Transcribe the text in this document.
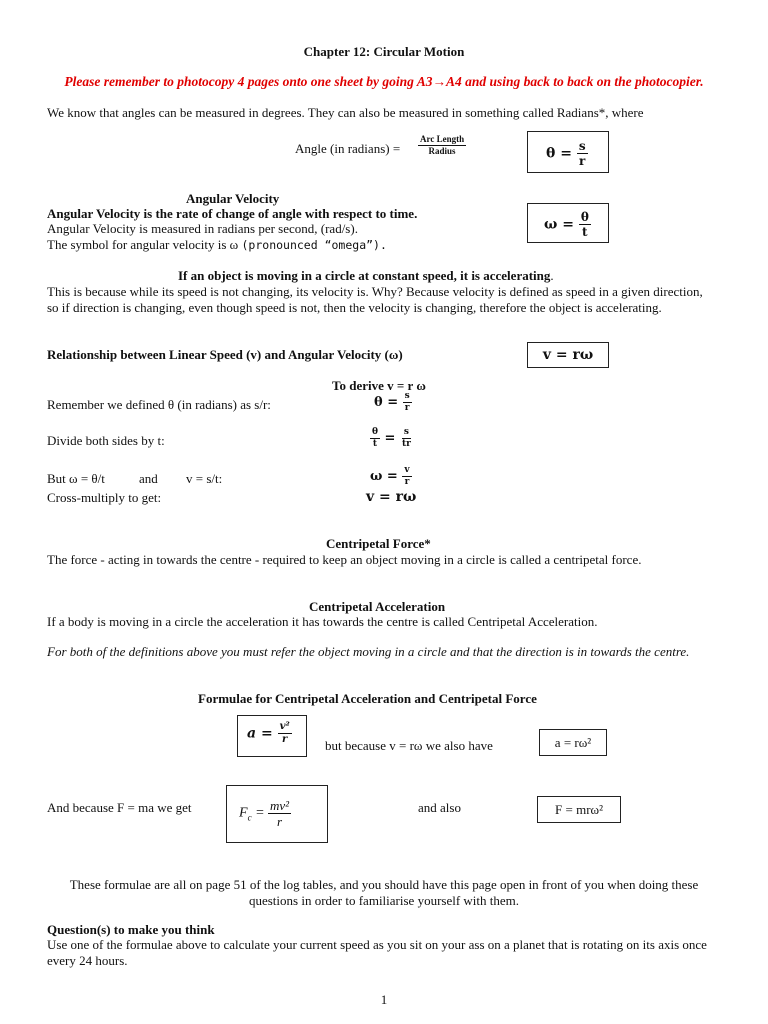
Chapter 12: Circular Motion
Please remember to photocopy 4 pages onto one sheet by going A3→A4 and using back to back on the photocopier.
We know that angles can be measured in degrees. They can also be measured in something called Radians*, where
Angle (in radians) = $\frac{\text{Arc Length}}{\text{Radius}}$	$\theta = \frac{s}{r}$
Angular Velocity
Angular Velocity is the rate of change of angle with respect to time.
Angular Velocity is measured in radians per second, (rad/s).
The symbol for angular velocity is ω (pronounced “omega”).
$\omega = \frac{\theta}{t}$
If an object is moving in a circle at constant speed, it is accelerating.
This is because while its speed is not changing, its velocity is. Why? Because velocity is defined as speed in a given direction, so if direction is changing, even though speed is not, then the velocity is changing, therefore the object is accelerating.
Relationship between Linear Speed (v) and Angular Velocity (ω)	v = rω
To derive v = r ω
Remember we defined θ (in radians) as s/r:	$\theta = \frac{s}{r}$
Divide both sides by t:	$\frac{\theta}{t} = \frac{s}{tr}$
But ω = θ/t	and v = s/t:	$\omega = \frac{v}{r}$
Cross-multiply to get:	v = rω
Centripetal Force*
The force - acting in towards the centre - required to keep an object moving in a circle is called a centripetal force.
Centripetal Acceleration
If a body is moving in a circle the acceleration it has towards the centre is called Centripetal Acceleration.
For both of the definitions above you must refer the object moving in a circle and that the direction is in towards the centre.
Formulae for Centripetal Acceleration and Centripetal Force
$a = \frac{\text{v²}}{r}$
but because v = rω we also have	a = rω²
And because F = ma we get	$F_c = \frac{\text{mv²}}{r}$	and also	F = mrω²
These formulae are all on page 51 of the log tables, and you should have this page open in front of you when doing these questions in order to familiarise yourself with them.
Question(s) to make you think
Use one of the formulae above to calculate your current speed as you sit on your ass on a planet that is rotating on its axis once every 24 hours.
1
